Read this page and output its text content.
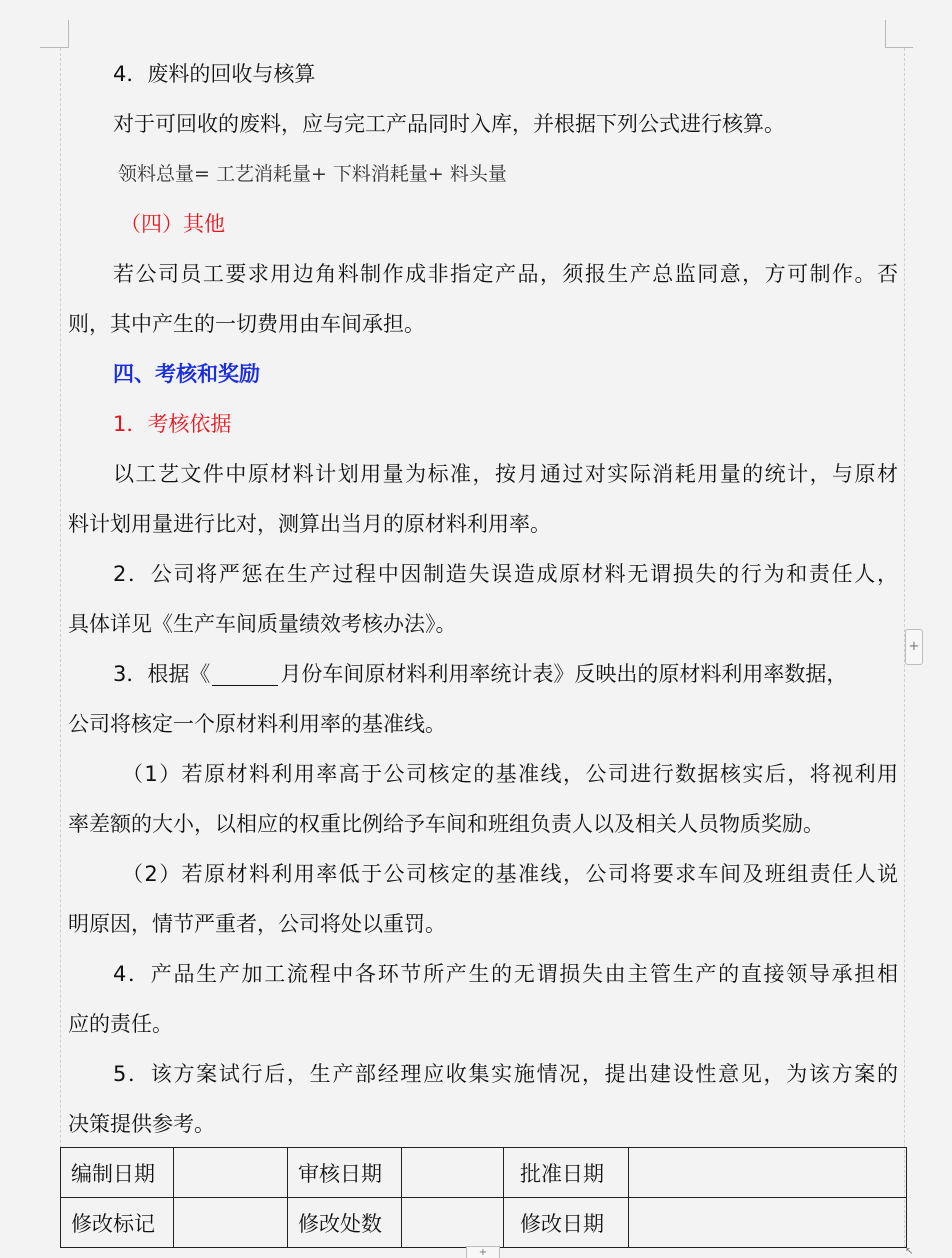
4．废料的回收与核算
对于可回收的废料，应与完工产品同时入库，并根据下列公式进行核算。
领料总量= 工艺消耗量+ 下料消耗量+ 料头量
（四）其他
若公司员工要求用边角料制作成非指定产品，须报生产总监同意，方可制作。否
则，其中产生的一切费用由车间承担。
四、考核和奖励
1．考核依据
以工艺文件中原材料计划用量为标准，按月通过对实际消耗用量的统计，与原材
料计划用量进行比对，测算出当月的原材料利用率。
2．公司将严惩在生产过程中因制造失误造成原材料无谓损失的行为和责任人，
具体详见《生产车间质量绩效考核办法》。
3．根据《	月份车间原材料利用率统计表》反映出的原材料利用率数据，
公司将核定一个原材料利用率的基准线。
（1）若原材料利用率高于公司核定的基准线，公司进行数据核实后，将视利用
率差额的大小，以相应的权重比例给予车间和班组负责人以及相关人员物质奖励。
（2）若原材料利用率低于公司核定的基准线，公司将要求车间及班组责任人说
明原因，情节严重者，公司将处以重罚。
4．产品生产加工流程中各环节所产生的无谓损失由主管生产的直接领导承担相
应的责任。
5．该方案试行后，生产部经理应收集实施情况，提出建设性意见，为该方案的
决策提供参考。
编制日期		审核日期		批准日期	
修改标记		修改处数		修改日期	
+
+	↖
